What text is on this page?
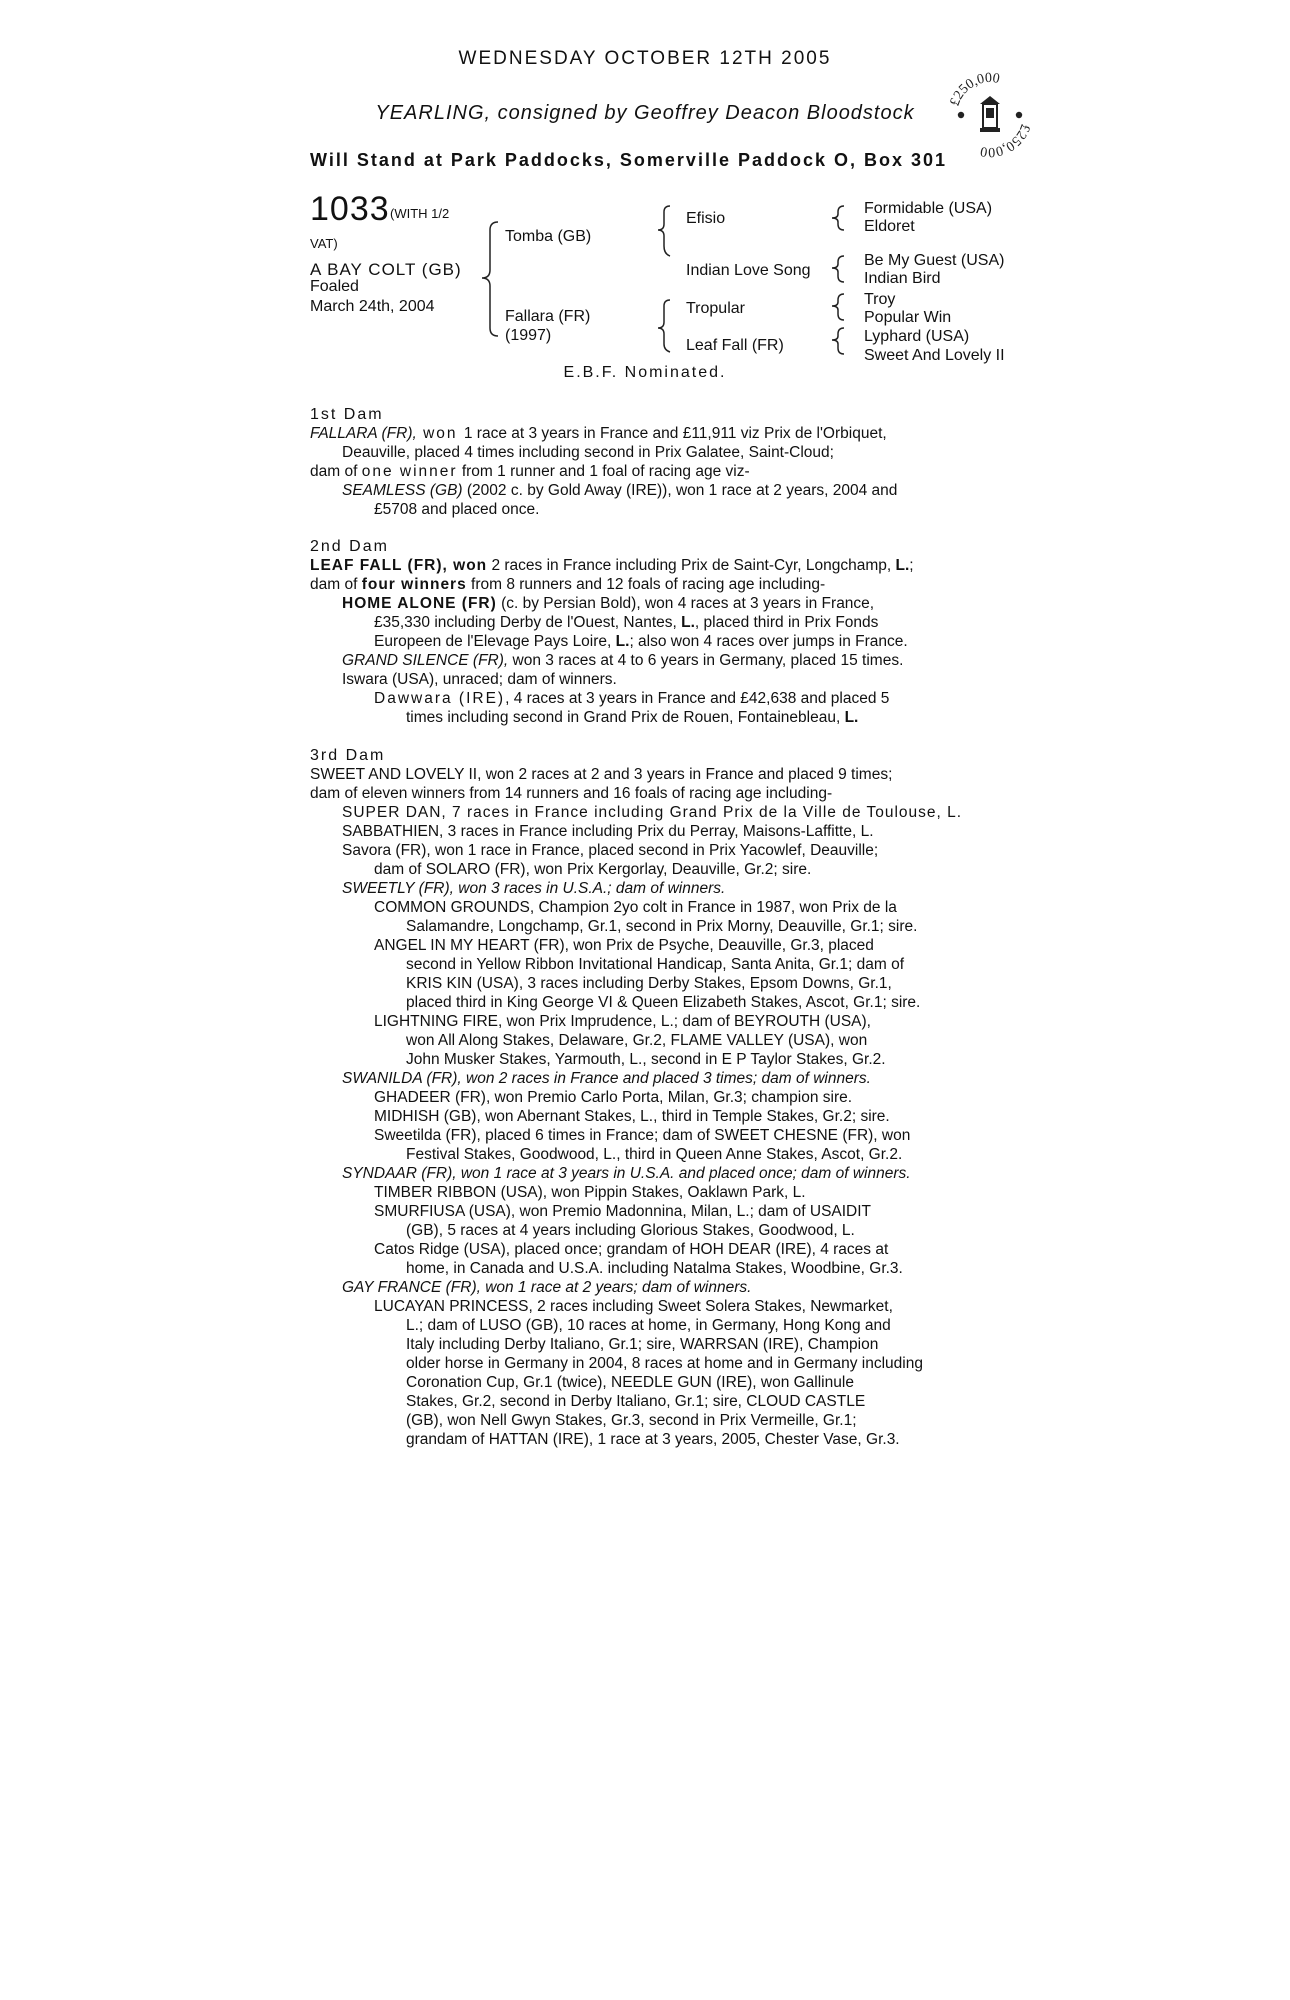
WEDNESDAY OCTOBER 12TH 2005
YEARLING, consigned by Geoffrey Deacon Bloodstock	£250,000
£250,000
Will Stand at Park Paddocks, Somerville Paddock O, Box 301
1033 (WITH 1/2
VAT)
A BAY COLT (GB)
Foaled
March 24th, 2004
Tomba (GB)
Fallara (FR)
(1997)
Efisio
Indian Love Song
Tropular
Leaf Fall (FR)
Formidable (USA)
Eldoret
Be My Guest (USA)
Indian Bird
Troy
Popular Win
Lyphard (USA)
Sweet And Lovely II
E.B.F. Nominated.

1st Dam

FALLARA (FR), won 1 race at 3 years in France and £11,911 viz Prix de l'Orbiquet,

Deauville, placed 4 times including second in Prix Galatee, Saint-Cloud;

dam of one winner from 1 runner and 1 foal of racing age viz-

SEAMLESS (GB) (2002 c. by Gold Away (IRE)), won 1 race at 2 years, 2004 and

£5708 and placed once.

2nd Dam

LEAF FALL (FR), won 2 races in France including Prix de Saint-Cyr, Longchamp, L.;

dam of four winners from 8 runners and 12 foals of racing age including-

HOME ALONE (FR) (c. by Persian Bold), won 4 races at 3 years in France,

£35,330 including Derby de l'Ouest, Nantes, L., placed third in Prix Fonds

Europeen de l'Elevage Pays Loire, L.; also won 4 races over jumps in France.

GRAND SILENCE (FR), won 3 races at 4 to 6 years in Germany, placed 15 times.

Iswara (USA), unraced; dam of winners.

Dawwara (IRE), 4 races at 3 years in France and £42,638 and placed 5

times including second in Grand Prix de Rouen, Fontainebleau, L.

3rd Dam

SWEET AND LOVELY II, won 2 races at 2 and 3 years in France and placed 9 times;

dam of eleven winners from 14 runners and 16 foals of racing age including-

SUPER DAN, 7 races in France including Grand Prix de la Ville de Toulouse, L.

SABBATHIEN, 3 races in France including Prix du Perray, Maisons-Laffitte, L.

Savora (FR), won 1 race in France, placed second in Prix Yacowlef, Deauville;

dam of SOLARO (FR), won Prix Kergorlay, Deauville, Gr.2; sire.

SWEETLY (FR), won 3 races in U.S.A.; dam of winners.

COMMON GROUNDS, Champion 2yo colt in France in 1987, won Prix de la

Salamandre, Longchamp, Gr.1, second in Prix Morny, Deauville, Gr.1; sire.

ANGEL IN MY HEART (FR), won Prix de Psyche, Deauville, Gr.3, placed

second in Yellow Ribbon Invitational Handicap, Santa Anita, Gr.1; dam of

KRIS KIN (USA), 3 races including Derby Stakes, Epsom Downs, Gr.1,

placed third in King George VI & Queen Elizabeth Stakes, Ascot, Gr.1; sire.

LIGHTNING FIRE, won Prix Imprudence, L.; dam of BEYROUTH (USA),

won All Along Stakes, Delaware, Gr.2, FLAME VALLEY (USA), won

John Musker Stakes, Yarmouth, L., second in E P Taylor Stakes, Gr.2.

SWANILDA (FR), won 2 races in France and placed 3 times; dam of winners.

GHADEER (FR), won Premio Carlo Porta, Milan, Gr.3; champion sire.

MIDHISH (GB), won Abernant Stakes, L., third in Temple Stakes, Gr.2; sire.

Sweetilda (FR), placed 6 times in France; dam of SWEET CHESNE (FR), won

Festival Stakes, Goodwood, L., third in Queen Anne Stakes, Ascot, Gr.2.

SYNDAAR (FR), won 1 race at 3 years in U.S.A. and placed once; dam of winners.

TIMBER RIBBON (USA), won Pippin Stakes, Oaklawn Park, L.

SMURFIUSA (USA), won Premio Madonnina, Milan, L.; dam of USAIDIT

(GB), 5 races at 4 years including Glorious Stakes, Goodwood, L.

Catos Ridge (USA), placed once; grandam of HOH DEAR (IRE), 4 races at

home, in Canada and U.S.A. including Natalma Stakes, Woodbine, Gr.3.

GAY FRANCE (FR), won 1 race at 2 years; dam of winners.

LUCAYAN PRINCESS, 2 races including Sweet Solera Stakes, Newmarket,

L.; dam of LUSO (GB), 10 races at home, in Germany, Hong Kong and

Italy including Derby Italiano, Gr.1; sire, WARRSAN (IRE), Champion

older horse in Germany in 2004, 8 races at home and in Germany including

Coronation Cup, Gr.1 (twice), NEEDLE GUN (IRE), won Gallinule

Stakes, Gr.2, second in Derby Italiano, Gr.1; sire, CLOUD CASTLE

(GB), won Nell Gwyn Stakes, Gr.3, second in Prix Vermeille, Gr.1;

grandam of HATTAN (IRE), 1 race at 3 years, 2005, Chester Vase, Gr.3.
